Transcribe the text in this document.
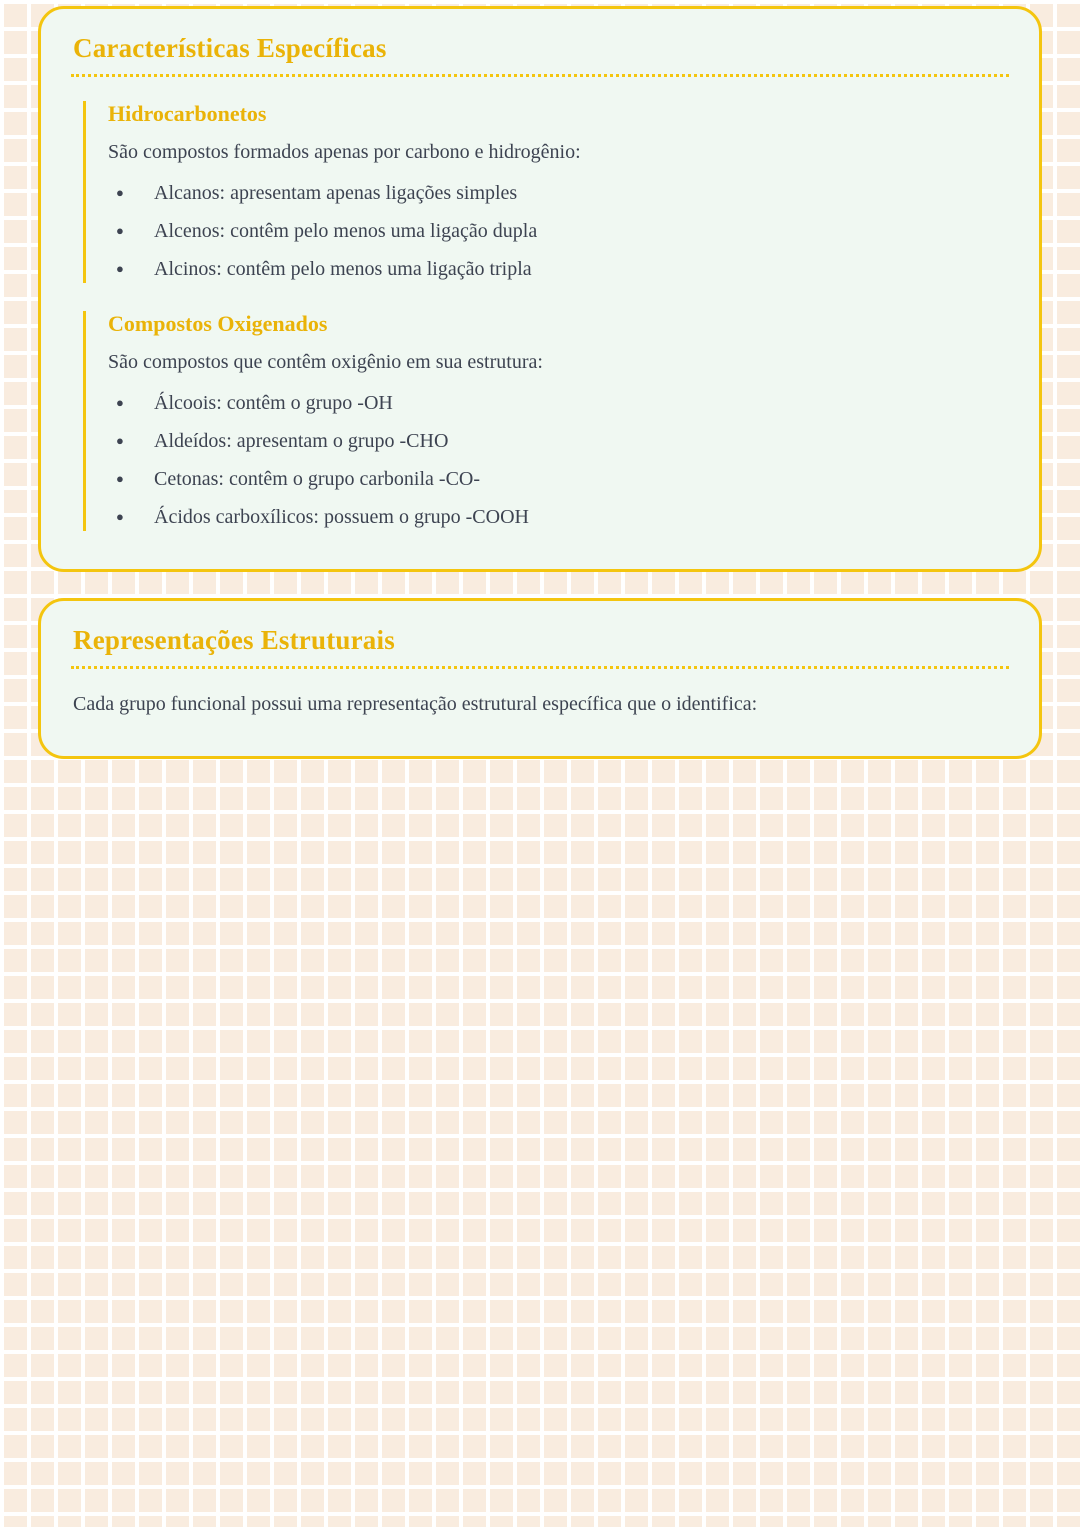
Características Específicas
Hidrocarbonetos

São compostos formados apenas por carbono e hidrogênio:

● Alcanos: apresentam apenas ligações simples
● Alcenos: contêm pelo menos uma ligação dupla
● Alcinos: contêm pelo menos uma ligação tripla
Compostos Oxigenados

São compostos que contêm oxigênio em sua estrutura:

● Álcoois: contêm o grupo -OH
● Aldeídos: apresentam o grupo -CHO
● Cetonas: contêm o grupo carbonila -CO-
● Ácidos carboxílicos: possuem o grupo -COOH
Representações Estruturais

Cada grupo funcional possui uma representação estrutural específica que o identifica:
